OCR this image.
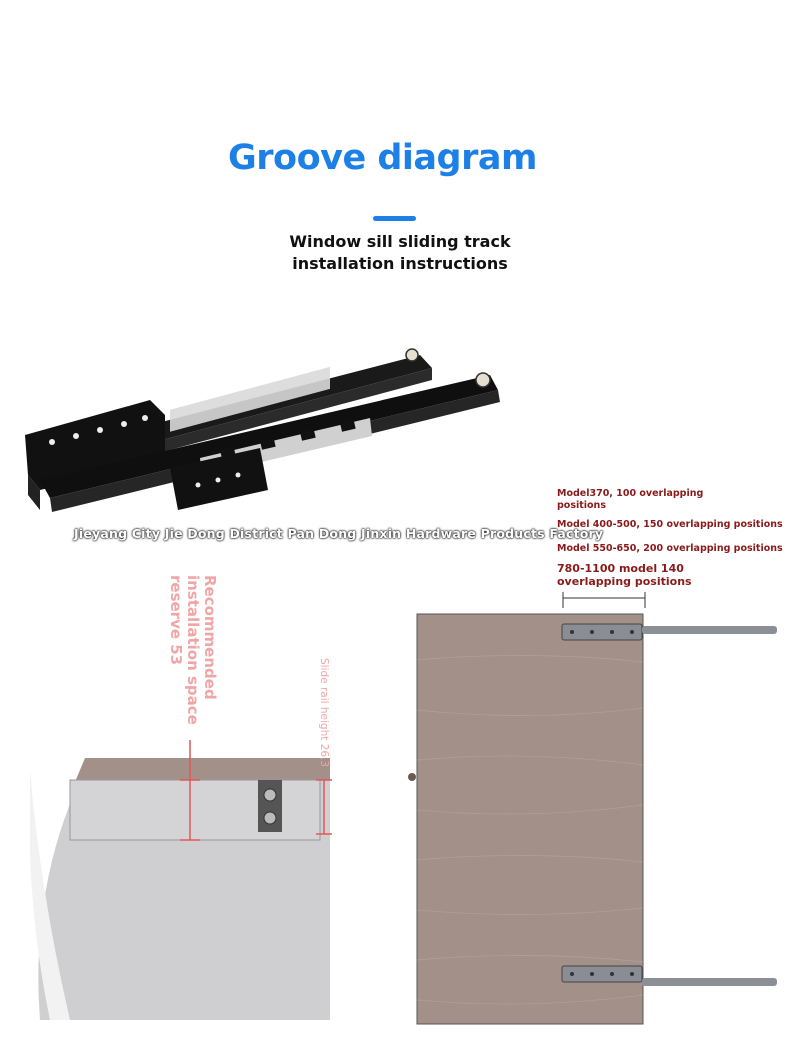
Groove diagram
Window sill sliding track
installation instructions
Jieyang City Jie Dong District Pan Dong Jinxin Hardware Products Factory
Model370, 100 overlapping positions
Model 400-500, 150 overlapping positions
Model 550-650, 200 overlapping positions
780-1100 model 140 overlapping positions
Recommended installation space reserve 53
Slide rail height 26.3
